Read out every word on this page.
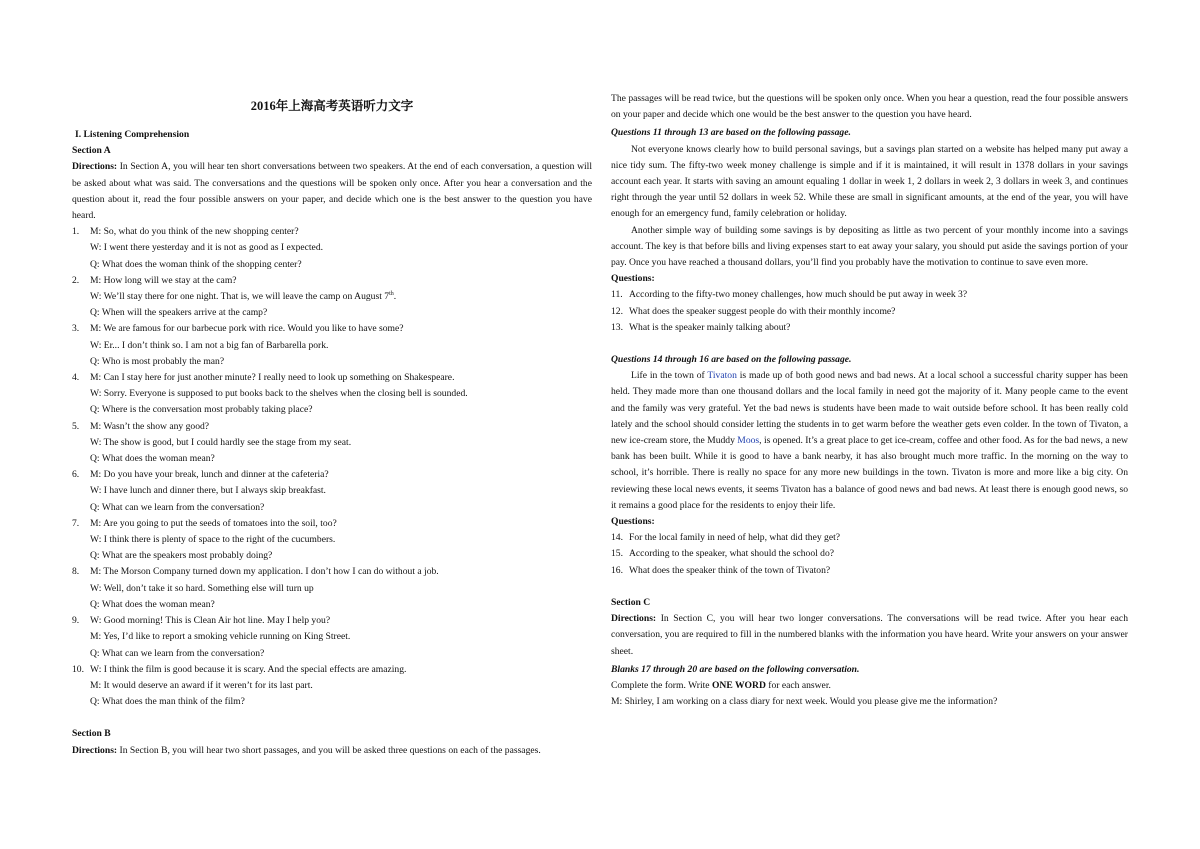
2016年上海高考英语听力文字
I. Listening Comprehension
Section A
Directions: In Section A, you will hear ten short conversations between two speakers. At the end of each conversation, a question will be asked about what was said. The conversations and the questions will be spoken only once. After you hear a conversation and the question about it, read the four possible answers on your paper, and decide which one is the best answer to the question you have heard.
1.	M: So, what do you think of the new shopping center?
W: I went there yesterday and it is not as good as I expected.
Q: What does the woman think of the shopping center?
2.	M: How long will we stay at the cam?
W: We’ll stay there for one night. That is, we will leave the camp on August 7th.
Q: When will the speakers arrive at the camp?
3.	M: We are famous for our barbecue pork with rice. Would you like to have some?
W: Er... I don’t think so. I am not a big fan of Barbarella pork.
Q: Who is most probably the man?
4.	M: Can I stay here for just another minute? I really need to look up something on Shakespeare.
W: Sorry. Everyone is supposed to put books back to the shelves when the closing bell is sounded.
Q: Where is the conversation most probably taking place?
5.	M: Wasn’t the show any good?
W: The show is good, but I could hardly see the stage from my seat.
Q: What does the woman mean?
6.	M: Do you have your break, lunch and dinner at the cafeteria?
W: I have lunch and dinner there, but I always skip breakfast.
Q: What can we learn from the conversation?
7.	M: Are you going to put the seeds of tomatoes into the soil, too?
W: I think there is plenty of space to the right of the cucumbers.
Q: What are the speakers most probably doing?
8.	M: The Morson Company turned down my application. I don’t how I can do without a job.
W: Well, don’t take it so hard. Something else will turn up
Q: What does the woman mean?
9.	W: Good morning! This is Clean Air hot line. May I help you?
M: Yes, I’d like to report a smoking vehicle running on King Street.
Q: What can we learn from the conversation?
10. W: I think the film is good because it is scary. And the special effects are amazing.
M: It would deserve an award if it weren’t for its last part.
Q: What does the man think of the film?
Section B
Directions: In Section B, you will hear two short passages, and you will be asked three questions on each of the passages.
The passages will be read twice, but the questions will be spoken only once. When you hear a question, read the four possible answers on your paper and decide which one would be the best answer to the question you have heard.
Questions 11 through 13 are based on the following passage.
Not everyone knows clearly how to build personal savings, but a savings plan started on a website has helped many put away a nice tidy sum. The fifty-two week money challenge is simple and if it is maintained, it will result in 1378 dollars in your savings account each year. It starts with saving an amount equaling 1 dollar in week 1, 2 dollars in week 2, 3 dollars in week 3, and continues right through the year until 52 dollars in week 52. While these are small in significant amounts, at the end of the year, you will have enough for an emergency fund, family celebration or holiday.
Another simple way of building some savings is by depositing as little as two percent of your monthly income into a savings account. The key is that before bills and living expenses start to eat away your salary, you should put aside the savings portion of your pay. Once you have reached a thousand dollars, you’ll find you probably have the motivation to continue to save even more.
Questions:
11. According to the fifty-two money challenges, how much should be put away in week 3?
12. What does the speaker suggest people do with their monthly income?
13. What is the speaker mainly talking about?
Questions 14 through 16 are based on the following passage.
Life in the town of Tivaton is made up of both good news and bad news. At a local school a successful charity supper has been held. They made more than one thousand dollars and the local family in need got the majority of it. Many people came to the event and the family was very grateful. Yet the bad news is students have been made to wait outside before school. It has been really cold lately and the school should consider letting the students in to get warm before the weather gets even colder. In the town of Tivaton, a new ice-cream store, the Muddy Moos, is opened. It’s a great place to get ice-cream, coffee and other food. As for the bad news, a new bank has been built. While it is good to have a bank nearby, it has also brought much more traffic. In the morning on the way to school, it’s horrible. There is really no space for any more new buildings in the town. Tivaton is more and more like a big city. On reviewing these local news events, it seems Tivaton has a balance of good news and bad news. At least there is enough good news, so it remains a good place for the residents to enjoy their life.
Questions:
14. For the local family in need of help, what did they get?
15. According to the speaker, what should the school do?
16. What does the speaker think of the town of Tivaton?
Section C
Directions: In Section C, you will hear two longer conversations. The conversations will be read twice. After you hear each conversation, you are required to fill in the numbered blanks with the information you have heard. Write your answers on your answer sheet.
Blanks 17 through 20 are based on the following conversation.
Complete the form. Write ONE WORD for each answer.
M: Shirley, I am working on a class diary for next week. Would you please give me the information?
